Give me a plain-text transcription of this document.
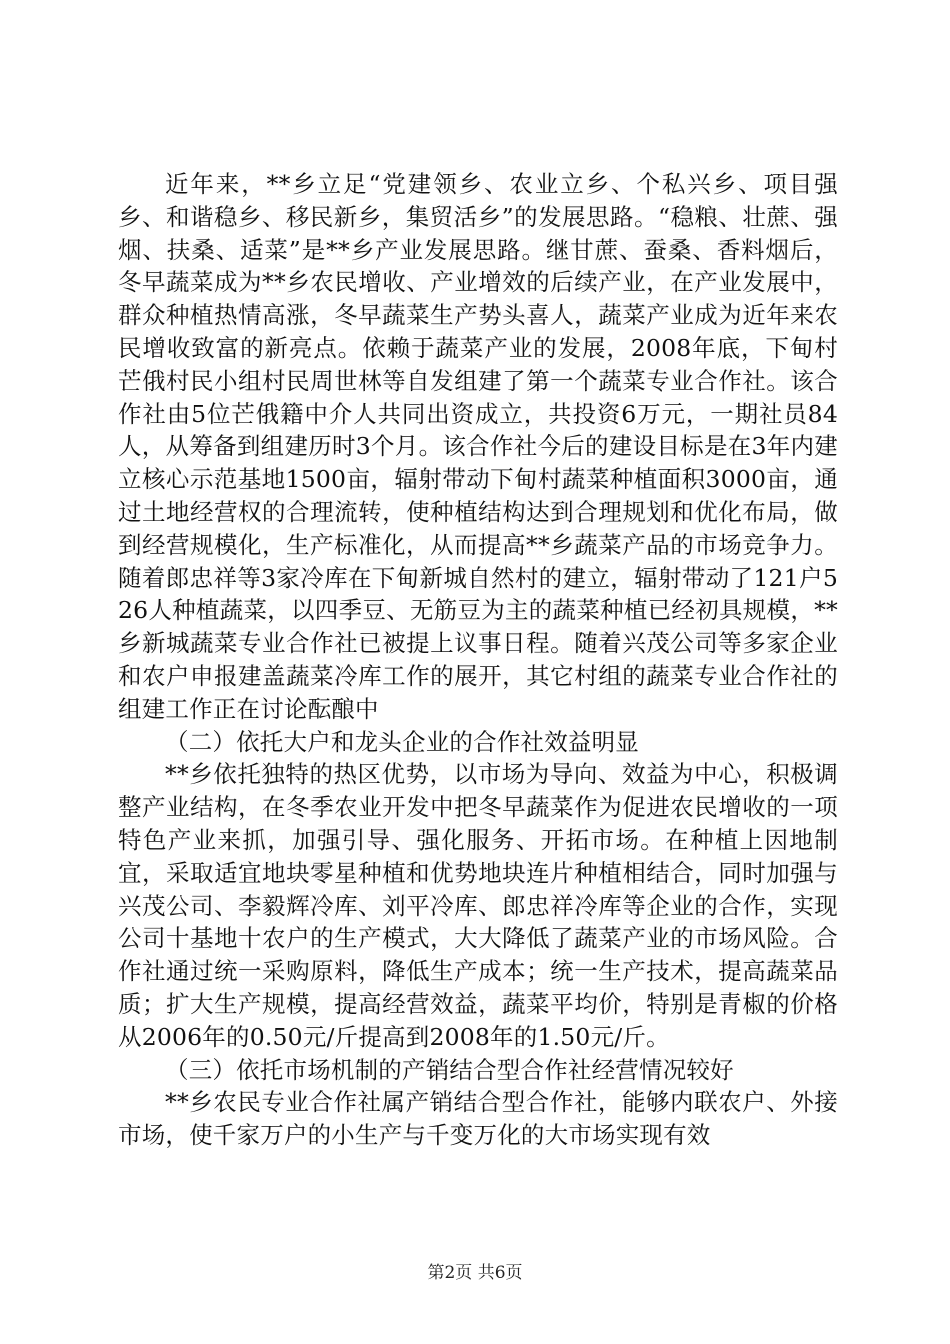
近年来，**乡立足“党建领乡、农业立乡、个私兴乡、项目强乡、和谐稳乡、移民新乡，集贸活乡”的发展思路。“稳粮、壮蔗、强烟、扶桑、适菜”是**乡产业发展思路。继甘蔗、蚕桑、香料烟后，冬早蔬菜成为**乡农民增收、产业增效的后续产业，在产业发展中，群众种植热情高涨，冬早蔬菜生产势头喜人，蔬菜产业成为近年来农民增收致富的新亮点。依赖于蔬菜产业的发展，2008年底，下甸村芒俄村民小组村民周世林等自发组建了第一个蔬菜专业合作社。该合作社由5位芒俄籍中介人共同出资成立，共投资6万元，一期社员84人，从筹备到组建历时3个月。该合作社今后的建设目标是在3年内建立核心示范基地1500亩，辐射带动下甸村蔬菜种植面积3000亩，通过土地经营权的合理流转，使种植结构达到合理规划和优化布局，做到经营规模化，生产标准化，从而提高**乡蔬菜产品的市场竞争力。随着郎忠祥等3家冷库在下甸新城自然村的建立，辐射带动了121户526人种植蔬菜，以四季豆、无筋豆为主的蔬菜种植已经初具规模，**乡新城蔬菜专业合作社已被提上议事日程。随着兴茂公司等多家企业和农户申报建盖蔬菜冷库工作的展开，其它村组的蔬菜专业合作社的组建工作正在讨论酝酿中

（二）依托大户和龙头企业的合作社效益明显

**乡依托独特的热区优势，以市场为导向、效益为中心，积极调整产业结构，在冬季农业开发中把冬早蔬菜作为促进农民增收的一项特色产业来抓，加强引导、强化服务、开拓市场。在种植上因地制宜，采取适宜地块零星种植和优势地块连片种植相结合，同时加强与兴茂公司、李毅辉冷库、刘平冷库、郎忠祥冷库等企业的合作，实现公司十基地十农户的生产模式，大大降低了蔬菜产业的市场风险。合作社通过统一采购原料，降低生产成本；统一生产技术，提高蔬菜品质；扩大生产规模，提高经营效益，蔬菜平均价，特别是青椒的价格从2006年的0.50元/斤提高到2008年的1.50元/斤。

（三）依托市场机制的产销结合型合作社经营情况较好

**乡农民专业合作社属产销结合型合作社，能够内联农户、外接市场，使千家万户的小生产与千变万化的大市场实现有效

第2页 共6页
